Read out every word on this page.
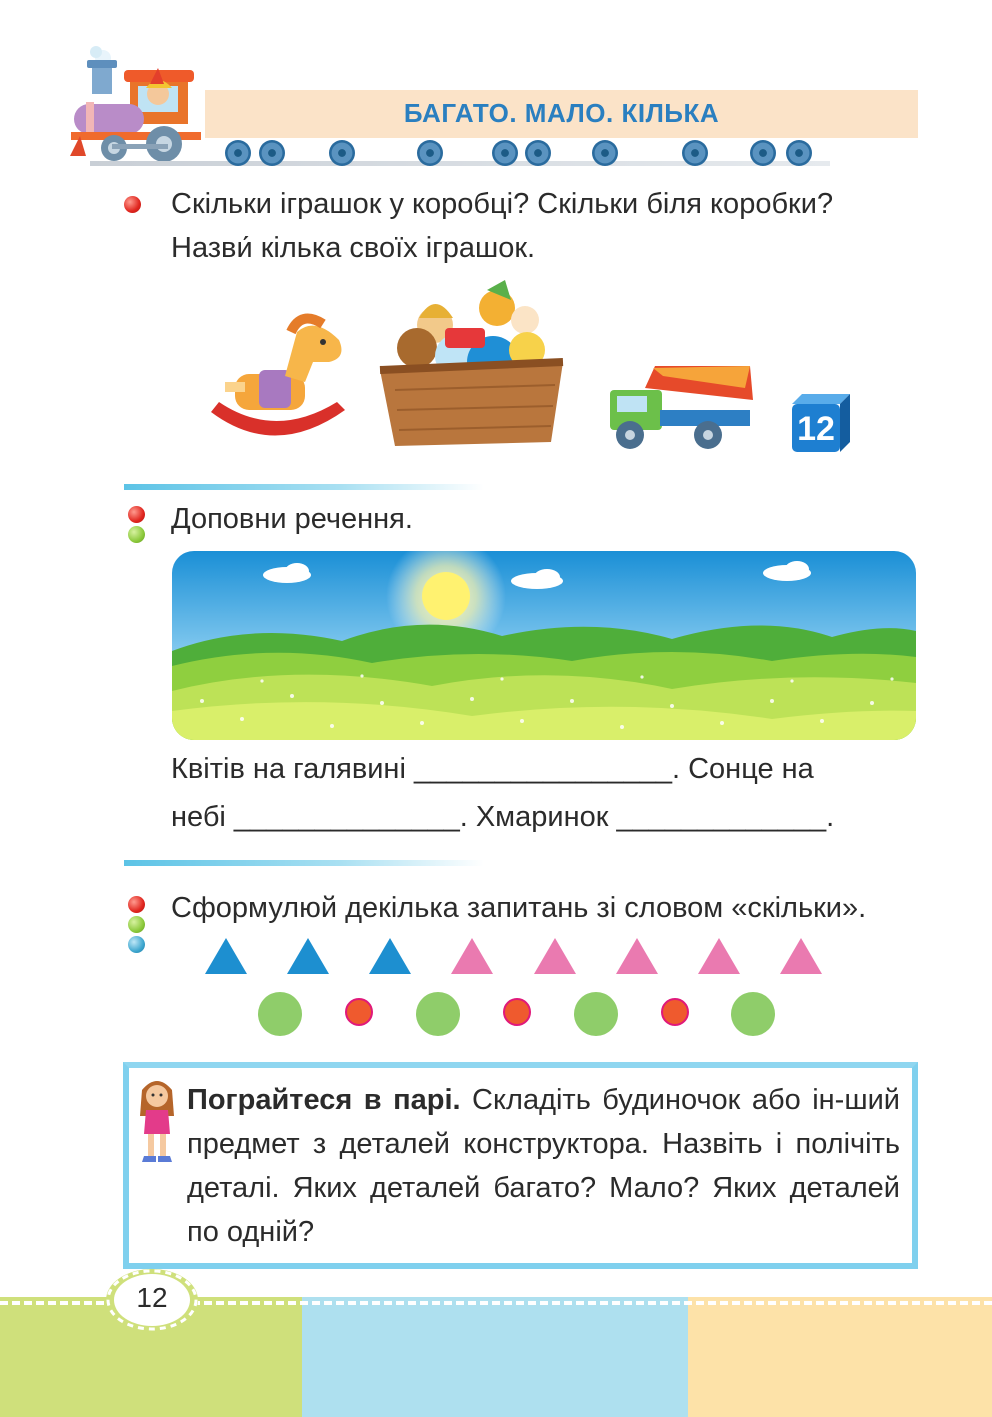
БАГАТО. МАЛО. КІЛЬКА
Скільки іграшок у коробці? Скільки біля коробки?
Назви́ кілька своїх іграшок.
12
Доповни речення.
Квітів на галявині ________________. Сонце на
небі ______________. Хмаринок _____________.
Сформулюй декілька запитань зі словом «скільки».
Пограйтеся в парі. Складіть будиночок або ін-ший предмет з деталей конструктора. Назвіть і полічіть деталі. Яких деталей багато? Мало? Яких деталей по одній?
12
